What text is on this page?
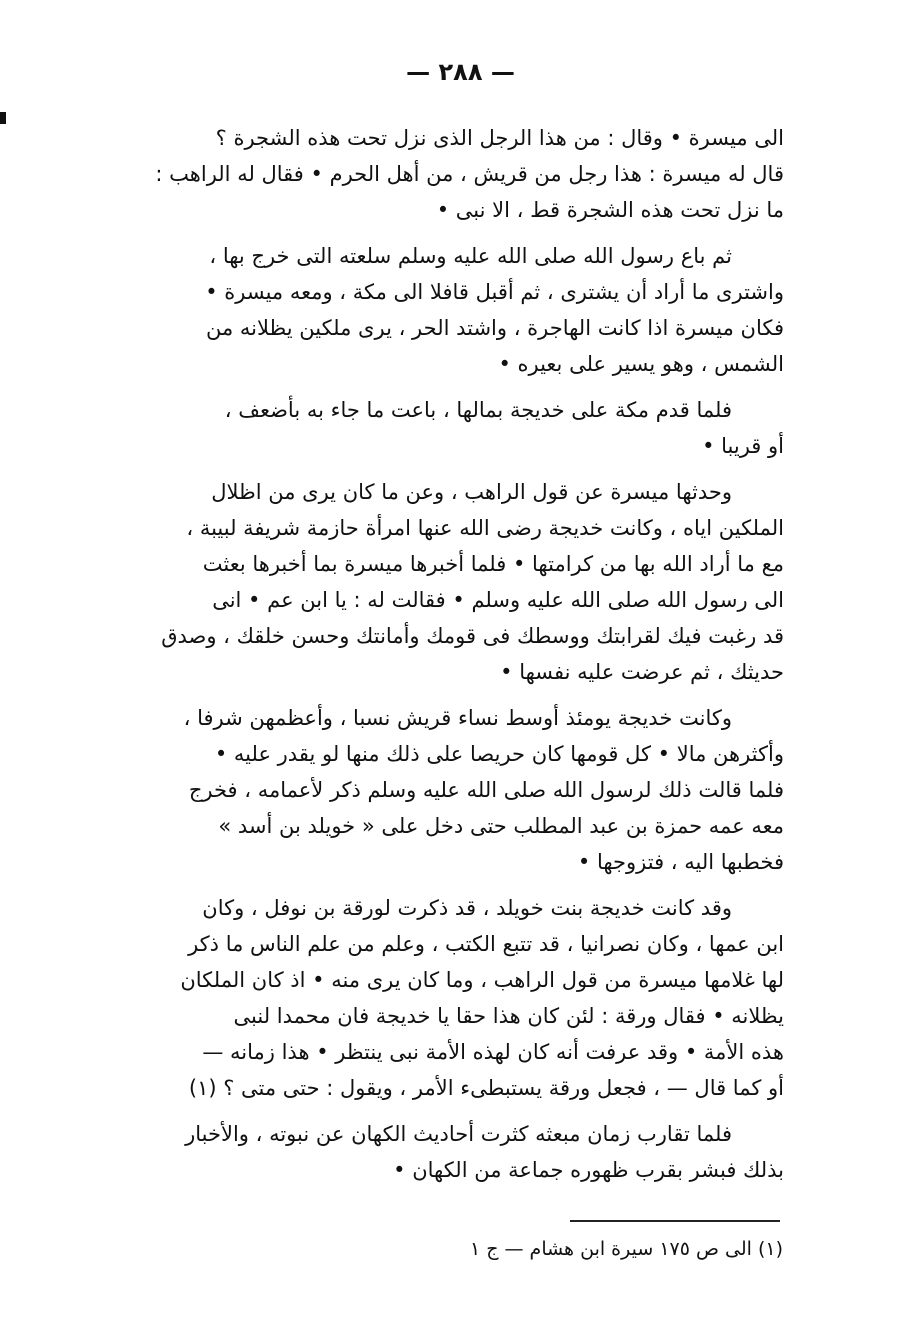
— ٢٨٨ —
الى ميسرة • وقال : من هذا الرجل الذى نزل تحت هذه الشجرة ؟
قال له ميسرة : هذا رجل من قريش ، من أهل الحرم • فقال له الراهب :
ما نزل تحت هذه الشجرة قط ، الا نبى •
ثم باع رسول الله صلى الله عليه وسلم سلعته التى خرج بها ،
واشترى ما أراد أن يشترى ، ثم أقبل قافلا الى مكة ، ومعه ميسرة •
فكان ميسرة اذا كانت الهاجرة ، واشتد الحر ، يرى ملكين يظلانه من
الشمس ، وهو يسير على بعيره •
فلما قدم مكة على خديجة بمالها ، باعت ما جاء به بأضعف ،
أو قريبا •
وحدثها ميسرة عن قول الراهب ، وعن ما كان يرى من اظلال
الملكين اياه ، وكانت خديجة رضى الله عنها امرأة حازمة شريفة لبيبة ،
مع ما أراد الله بها من كرامتها • فلما أخبرها ميسرة بما أخبرها بعثت
الى رسول الله صلى الله عليه وسلم • فقالت له : يا ابن عم • انى
قد رغبت فيك لقرابتك ووسطك فى قومك وأمانتك وحسن خلقك ، وصدق
حديثك ، ثم عرضت عليه نفسها •
وكانت خديجة يومئذ أوسط نساء قريش نسبا ، وأعظمهن شرفا ،
وأكثرهن مالا • كل قومها كان حريصا على ذلك منها لو يقدر عليه •
فلما قالت ذلك لرسول الله صلى الله عليه وسلم ذكر لأعمامه ، فخرج
معه عمه حمزة بن عبد المطلب حتى دخل على « خويلد بن أسد »
فخطبها اليه ، فتزوجها •
وقد كانت خديجة بنت خويلد ، قد ذكرت لورقة بن نوفل ، وكان
ابن عمها ، وكان نصرانيا ، قد تتبع الكتب ، وعلم من علم الناس ما ذكر
لها غلامها ميسرة من قول الراهب ، وما كان يرى منه • اذ كان الملكان
يظلانه • فقال ورقة : لئن كان هذا حقا يا خديجة فان محمدا لنبى
هذه الأمة • وقد عرفت أنه كان لهذه الأمة نبى ينتظر • هذا زمانه —
أو كما قال — ، فجعل ورقة يستبطىء الأمر ، ويقول : حتى متى ؟ (١)
فلما تقارب زمان مبعثه كثرت أحاديث الكهان عن نبوته ، والأخبار
بذلك فبشر بقرب ظهوره جماعة من الكهان •
(١) الى ص ١٧٥ سيرة ابن هشام — ج ١
